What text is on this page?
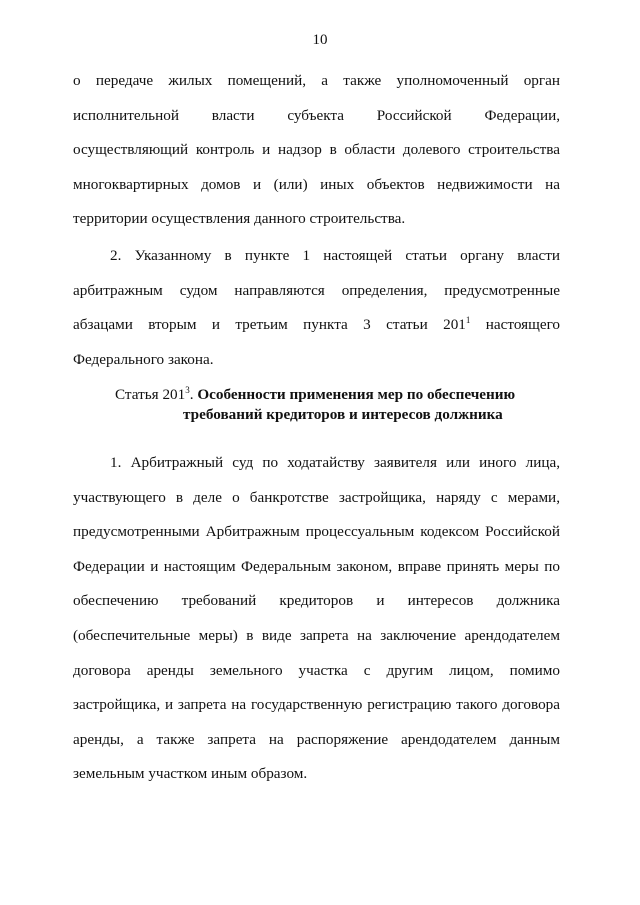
10

о передаче жилых помещений, а также уполномоченный орган исполнительной власти субъекта Российской Федерации, осуществляющий контроль и надзор в области долевого строительства многоквартирных домов и (или) иных объектов недвижимости на территории осуществления данного строительства.

2. Указанному в пункте 1 настоящей статьи органу власти арбитражным судом направляются определения, предусмотренные абзацами вторым и третьим пункта 3 статьи $201^1$ настоящего Федерального закона.

Статья $201^3$. Особенности применения мер по обеспечению
требований кредиторов и интересов должника

1. Арбитражный суд по ходатайству заявителя или иного лица, участвующего в деле о банкротстве застройщика, наряду с мерами, предусмотренными Арбитражным процессуальным кодексом Российской Федерации и настоящим Федеральным законом, вправе принять меры по обеспечению требований кредиторов и интересов должника (обеспечительные меры) в виде запрета на заключение арендодателем договора аренды земельного участка с другим лицом, помимо застройщика, и запрета на государственную регистрацию такого договора аренды, а также запрета на распоряжение арендодателем данным земельным участком иным образом.
